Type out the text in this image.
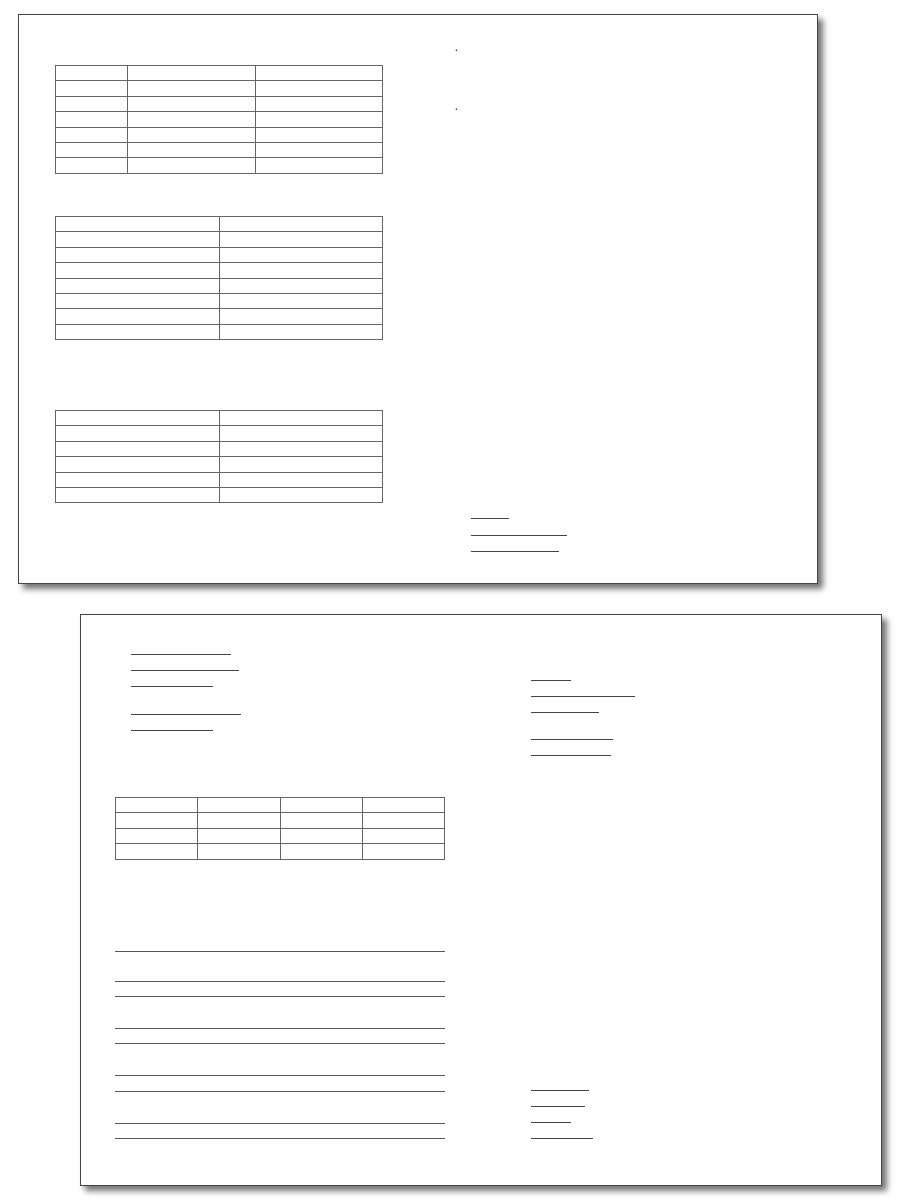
.

.
